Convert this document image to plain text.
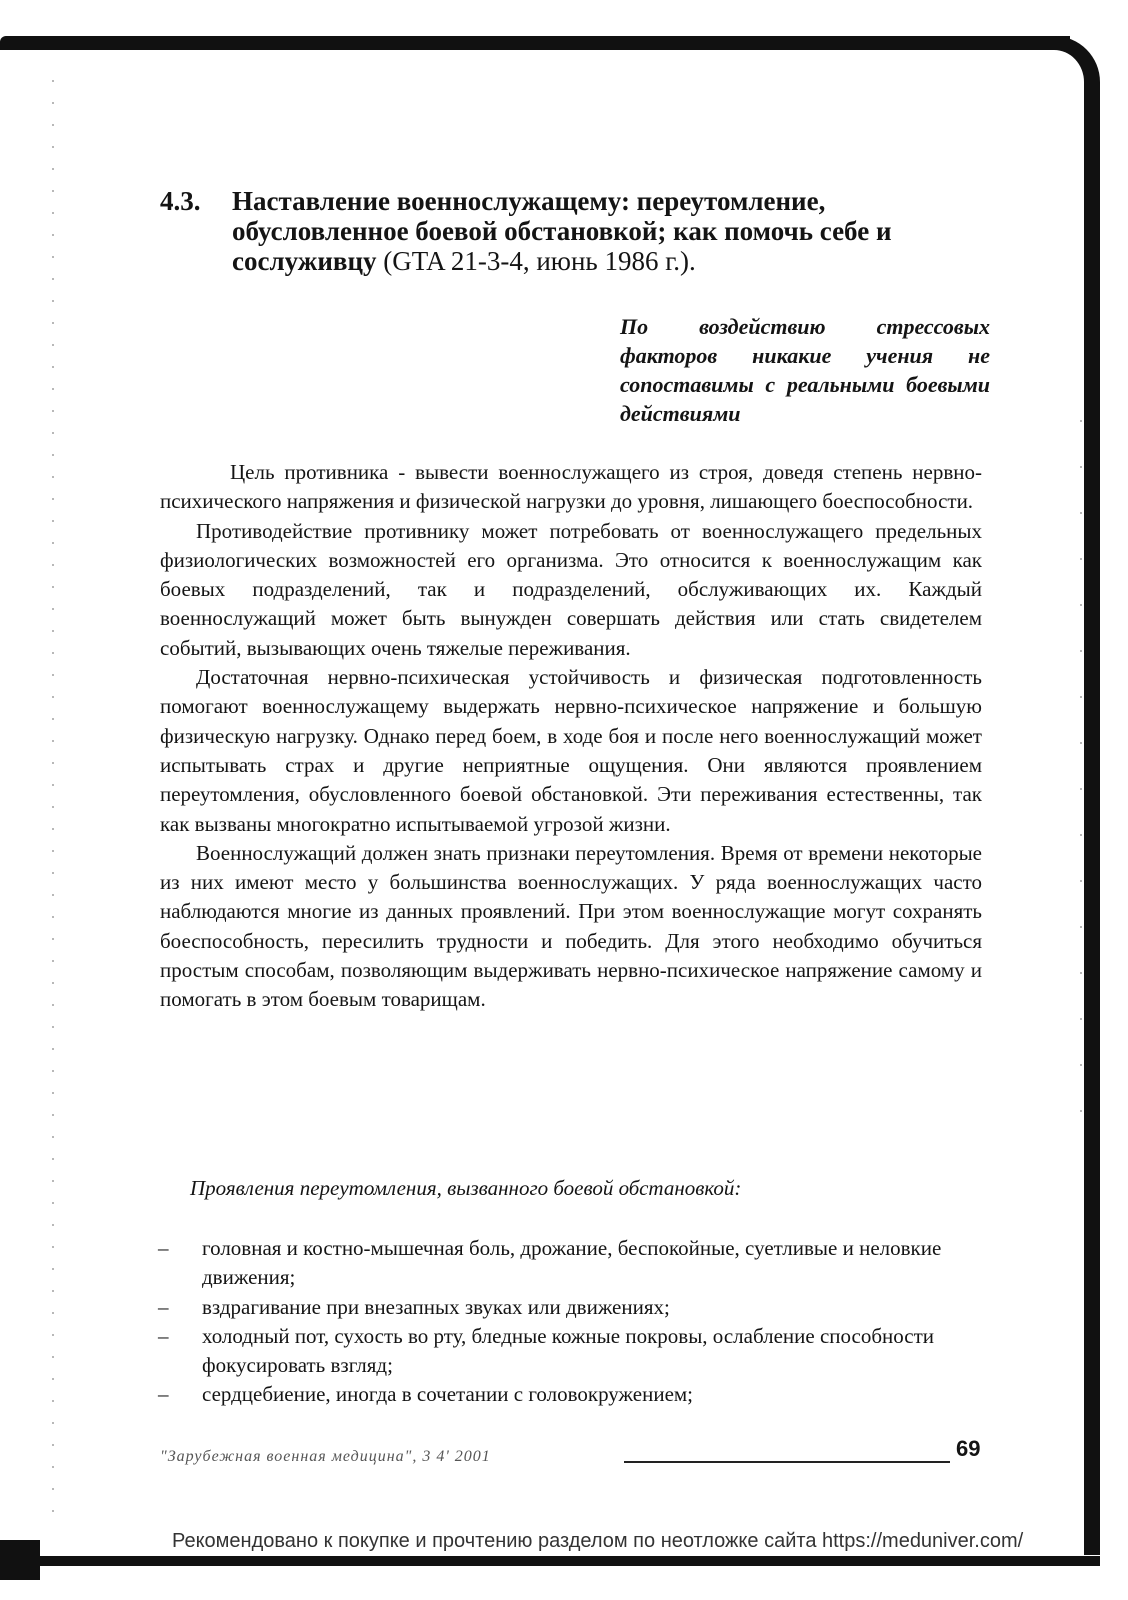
4.3. Наставление военнослужащему: переутомление, обусловленное боевой обстановкой; как помочь себе и сослуживцу (GTA 21-3-4, июнь 1986 г.).
По воздействию стрессовых факторов никакие учения не сопоставимы с реальными боевыми действиями

Цель противника - вывести военнослужащего из строя, доведя степень нервно-психического напряжения и физической нагрузки до уровня, лишающего боеспособности.

Противодействие противнику может потребовать от военнослужащего предельных физиологических возможностей его организма. Это относится к военнослужащим как боевых подразделений, так и подразделений, обслуживающих их. Каждый военнослужащий может быть вынужден совершать действия или стать свидетелем событий, вызывающих очень тяжелые переживания.

Достаточная нервно-психическая устойчивость и физическая подготовленность помогают военнослужащему выдержать нервно-психическое напряжение и большую физическую нагрузку. Однако перед боем, в ходе боя и после него военнослужащий может испытывать страх и другие неприятные ощущения. Они являются проявлением переутомления, обусловленного боевой обстановкой. Эти переживания естественны, так как вызваны многократно испытываемой угрозой жизни.

Военнослужащий должен знать признаки переутомления. Время от времени некоторые из них имеют место у большинства военнослужащих. У ряда военнослужащих часто наблюдаются многие из данных проявлений. При этом военнослужащие могут сохранять боеспособность, пересилить трудности и победить. Для этого необходимо обучиться простым способам, позволяющим выдерживать нервно-психическое напряжение самому и помогать в этом боевым товарищам.

Проявления переутомления, вызванного боевой обстановкой:
– головная и костно-мышечная боль, дрожание, беспокойные, суетливые и неловкие движения;
– вздрагивание при внезапных звуках или движениях;
– холодный пот, сухость во рту, бледные кожные покровы, ослабление способности фокусировать взгляд;
– сердцебиение, иногда в сочетании с головокружением;
"Зарубежная военная медицина", 3 4' 2001	69
Рекомендовано к покупке и прочтению разделом по неотложке сайта https://meduniver.com/
